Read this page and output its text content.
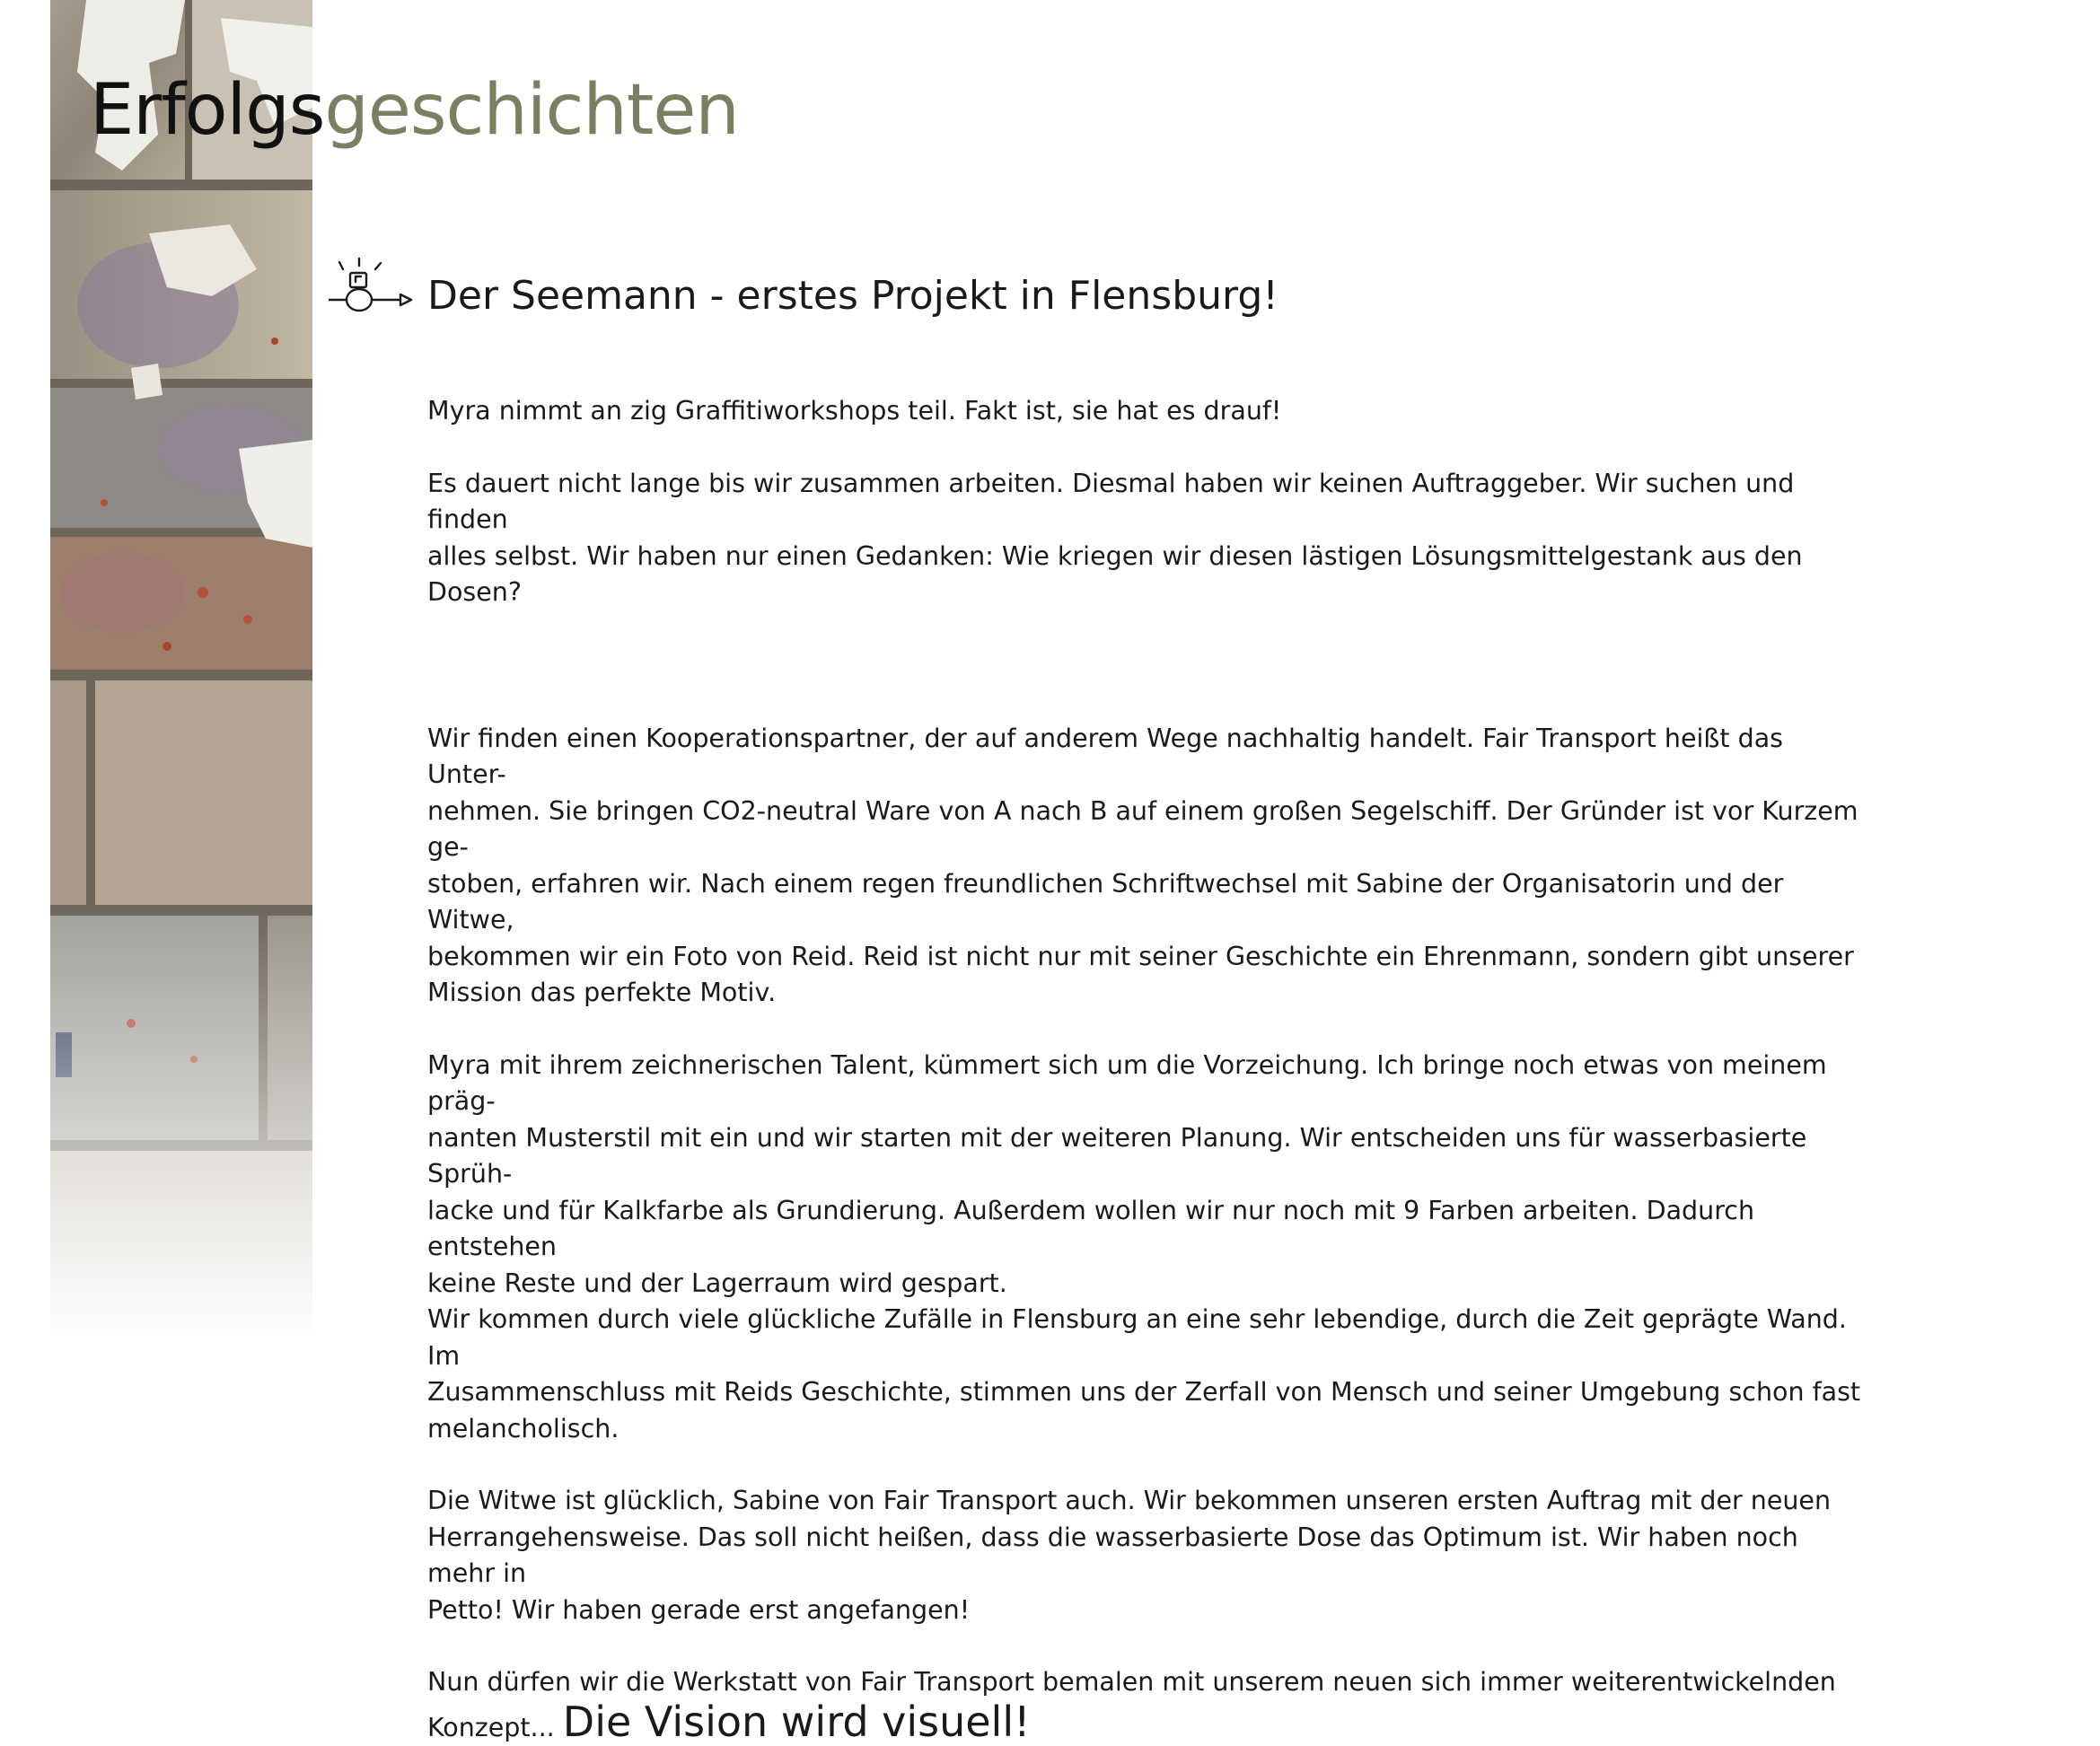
Erfolgsgeschichten
Der Seemann - erstes Projekt in Flensburg!

Myra nimmt an zig Graffitiworkshops teil. Fakt ist, sie hat es drauf!

Es dauert nicht lange bis wir zusammen arbeiten. Diesmal haben wir keinen Auftraggeber. Wir suchen und finden
alles selbst. Wir haben nur einen Gedanken: Wie kriegen wir diesen lästigen Lösungsmittelgestank aus den Dosen?

Wir finden einen Kooperationspartner, der auf anderem Wege nachhaltig handelt. Fair Transport heißt das Unter-
nehmen. Sie bringen CO2-neutral Ware von A nach B auf einem großen Segelschiff. Der Gründer ist vor Kurzem ge-
stoben, erfahren wir. Nach einem regen freundlichen Schriftwechsel mit Sabine der Organisatorin und der Witwe,
bekommen wir ein Foto von Reid. Reid ist nicht nur mit seiner Geschichte ein Ehrenmann, sondern gibt unserer
Mission das perfekte Motiv.

Myra mit ihrem zeichnerischen Talent, kümmert sich um die Vorzeichung. Ich bringe noch etwas von meinem präg-
nanten Musterstil mit ein und wir starten mit der weiteren Planung. Wir entscheiden uns für wasserbasierte Sprüh-
lacke und für Kalkfarbe als Grundierung. Außerdem wollen wir nur noch mit 9 Farben arbeiten. Dadurch entstehen
keine Reste und der Lagerraum wird gespart.
Wir kommen durch viele glückliche Zufälle in Flensburg an eine sehr lebendige, durch die Zeit geprägte Wand. Im
Zusammenschluss mit Reids Geschichte, stimmen uns der Zerfall von Mensch und seiner Umgebung schon fast
melancholisch.

Die Witwe ist glücklich, Sabine von Fair Transport auch. Wir bekommen unseren ersten Auftrag mit der neuen
Herrangehensweise. Das soll nicht heißen, dass die wasserbasierte Dose das Optimum ist. Wir haben noch mehr in
Petto! Wir haben gerade erst angefangen!

Nun dürfen wir die Werkstatt von Fair Transport bemalen mit unserem neuen sich immer weiterentwickelnden

Konzept... Die Vision wird visuell!
